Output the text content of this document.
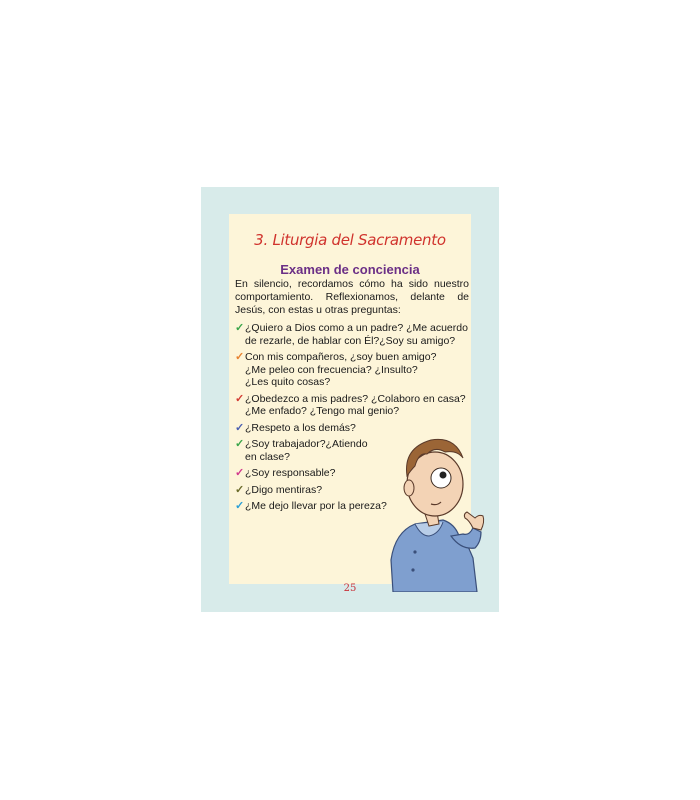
3. Liturgia del Sacramento
Examen de conciencia
En silencio, recordamos cómo ha sido nuestro comportamiento. Reflexionamos, delante de Jesús, con estas u otras preguntas:
✓ ¿Quiero a Dios como a un padre? ¿Me acuerdo
de rezarle, de hablar con Él?¿Soy su amigo?
✓ Con mis compañeros, ¿soy buen amigo?
¿Me peleo con frecuencia? ¿Insulto?
¿Les quito cosas?
✓ ¿Obedezco a mis padres? ¿Colaboro en casa?
¿Me enfado? ¿Tengo mal genio?
✓ ¿Respeto a los demás?
✓ ¿Soy trabajador?¿Atiendo
en clase?
✓ ¿Soy responsable?
✓ ¿Digo mentiras?
✓ ¿Me dejo llevar por la pereza?
25
